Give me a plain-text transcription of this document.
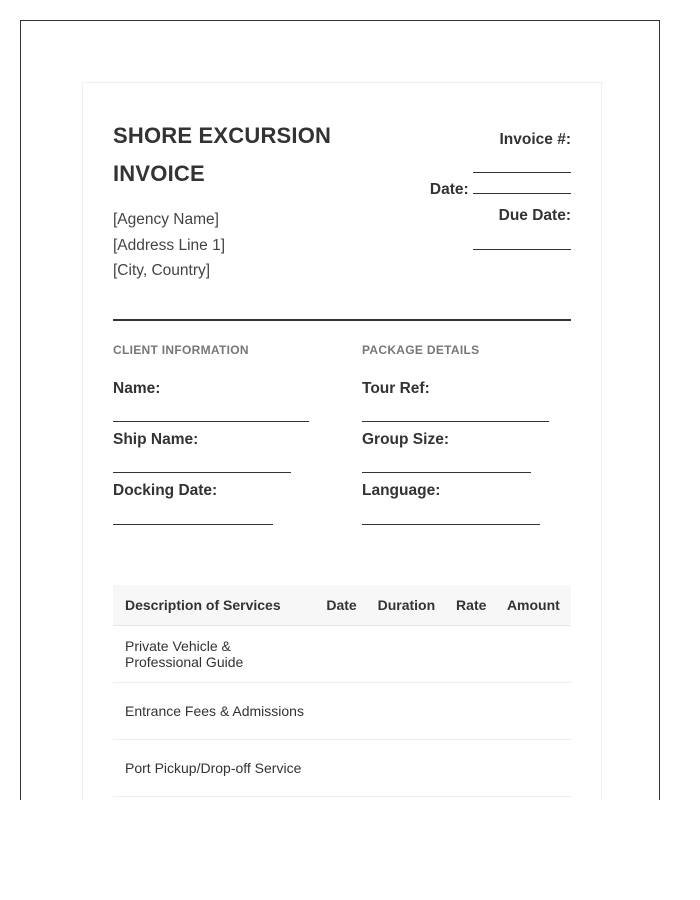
SHORE EXCURSION INVOICE
[Agency Name]
[Address Line 1]
[City, Country]
Invoice #:
Date:
Due Date:
CLIENT INFORMATION
Name:
Ship Name:
Docking Date:
PACKAGE DETAILS
Tour Ref:
Group Size:
Language:
Description of Services	Date	Duration	Rate	Amount
Private Vehicle & Professional Guide				
Entrance Fees & Admissions				
Port Pickup/Drop-off Service				
